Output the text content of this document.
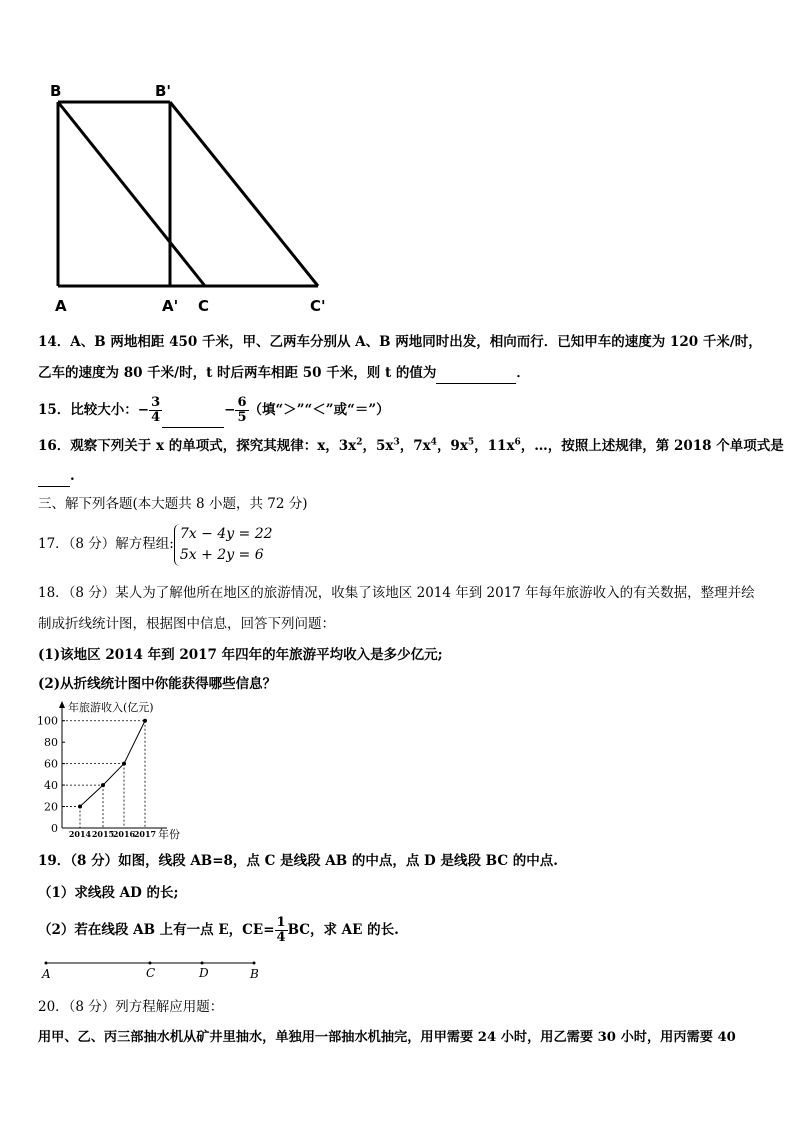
B	B'
A	A' C	C'
14．A、B 两地相距 450 千米，甲、乙两车分别从 A、B 两地同时出发，相向而行．已知甲车的速度为 120 千米/时，
乙车的速度为 80 千米/时，t 时后两车相距 50 千米，则 t 的值为	．
15．比较大小：− $\frac{3}{4}$	− $\frac{6}{5}$ （填“＞”“＜”或“＝”）
16．观察下列关于 x 的单项式，探究其规律：x，$3x^2$，$5x^3$，$7x^4$，$9x^5$，$11x^6$，…，按照上述规律，第 2018 个单项式是
.
三、解下列各题(本大题共 8 小题，共 72 分)
17．（8 分）解方程组:
7x − 4y = 22
5x + 2y = 6
18．（8 分）某人为了解他所在地区的旅游情况，收集了该地区 2014 年到 2017 年每年旅游收入的有关数据，整理并绘
制成折线统计图，根据图中信息，回答下列问题：
(1)该地区 2014 年到 2017 年四年的年旅游平均收入是多少亿元;
(2)从折线统计图中你能获得哪些信息？
0
20
40
60
80
100
2014 2015
2016
2017 年份
年旅游收入(亿元)
19．（8 分）如图，线段 AB=8，点 C 是线段 AB 的中点，点 D 是线段 BC 的中点.
（1）求线段 AD 的长;
（2）若在线段 AB 上有一点 E，$CE= \frac{1}{4}$ BC，求 AE 的长.
A	C	D	B
20．（8 分）列方程解应用题：
用甲、乙、丙三部抽水机从矿井里抽水，单独用一部抽水机抽完，用甲需要 24 小时，用乙需要 30 小时，用丙需要 40
